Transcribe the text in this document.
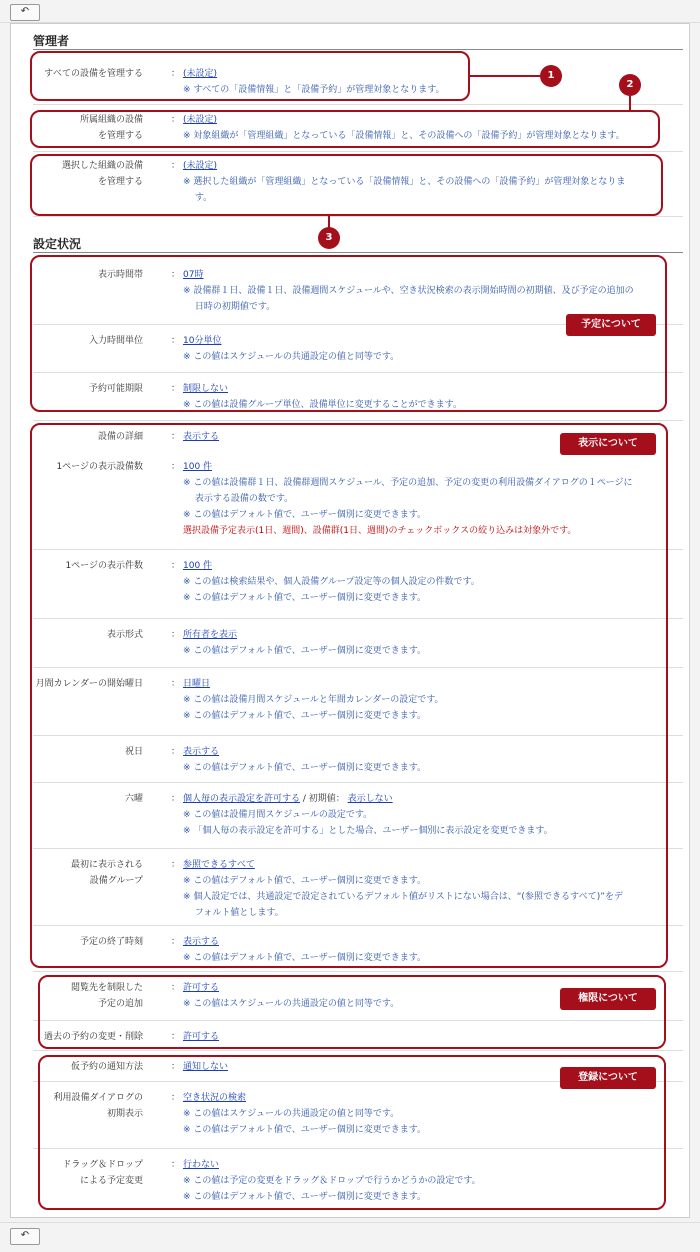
↶
管理者
設定状況
すべての設備を管理する	： (未設定)
※ すべての「設備情報」と「設備予約」が管理対象となります。
所属組織の設備
を管理する
： (未設定)
※ 対象組織が「管理組織」となっている「設備情報」と、その設備への「設備予約」が管理対象となります。
選択した組織の設備
を管理する
： (未設定)
※ 選択した組織が「管理組織」となっている「設備情報」と、その設備への「設備予約」が管理対象となりま
　 す。
表示時間帯	： 07時
※ 設備群１日、設備１日、設備週間スケジュールや、空き状況検索の表示開始時間の初期値、及び予定の追加の
　 日時の初期値です。
入力時間単位	： 10分単位
※ この値はスケジュールの共通設定の値と同等です。
予約可能期限	： 制限しない
※ この値は設備グループ単位、設備単位に変更することができます。
設備の詳細	： 表示する
1ページの表示設備数	： 100 件
※ この値は設備群１日、設備群週間スケジュール、予定の追加、予定の変更の利用設備ダイアログの１ページに
　 表示する設備の数です。
※ この値はデフォルト値で、ユーザー個別に変更できます。
選択設備予定表示(1日、週間)、設備群(1日、週間)のチェックボックスの絞り込みは対象外です。
1ページの表示件数	： 100 件
※ この値は検索結果や、個人設備グループ設定等の個人設定の件数です。
※ この値はデフォルト値で、ユーザー個別に変更できます。
表示形式	： 所有者を表示
※ この値はデフォルト値で、ユーザー個別に変更できます。
月間カレンダーの開始曜日	： 日曜日
※ この値は設備月間スケジュールと年間カレンダーの設定です。
※ この値はデフォルト値で、ユーザー個別に変更できます。
祝日	： 表示する
※ この値はデフォルト値で、ユーザー個別に変更できます。
六曜	： 個人毎の表示設定を許可する / 初期値： 表示しない
※ この値は設備月間スケジュールの設定です。
※ 「個人毎の表示設定を許可する」とした場合、ユーザー個別に表示設定を変更できます。
最初に表示される
設備グループ
： 参照できるすべて
※ この値はデフォルト値で、ユーザー個別に変更できます。
※ 個人設定では、共通設定で設定されているデフォルト値がリストにない場合は、“(参照できるすべて)”をデ
　 フォルト値とします。
予定の終了時刻	： 表示する
※ この値はデフォルト値で、ユーザー個別に変更できます。
閲覧先を制限した
予定の追加
： 許可する
※ この値はスケジュールの共通設定の値と同等です。
過去の予約の変更・削除	： 許可する
仮予約の通知方法	： 通知しない
利用設備ダイアログの
初期表示
： 空き状況の検索
※ この値はスケジュールの共通設定の値と同等です。
※ この値はデフォルト値で、ユーザー個別に変更できます。
ドラッグ＆ドロップ
による予定変更
： 行わない
※ この値は予定の変更をドラッグ＆ドロップで行うかどうかの設定です。
※ この値はデフォルト値で、ユーザー個別に変更できます。
1
2
3
予定について
表示について
権限について
登録について
↶
